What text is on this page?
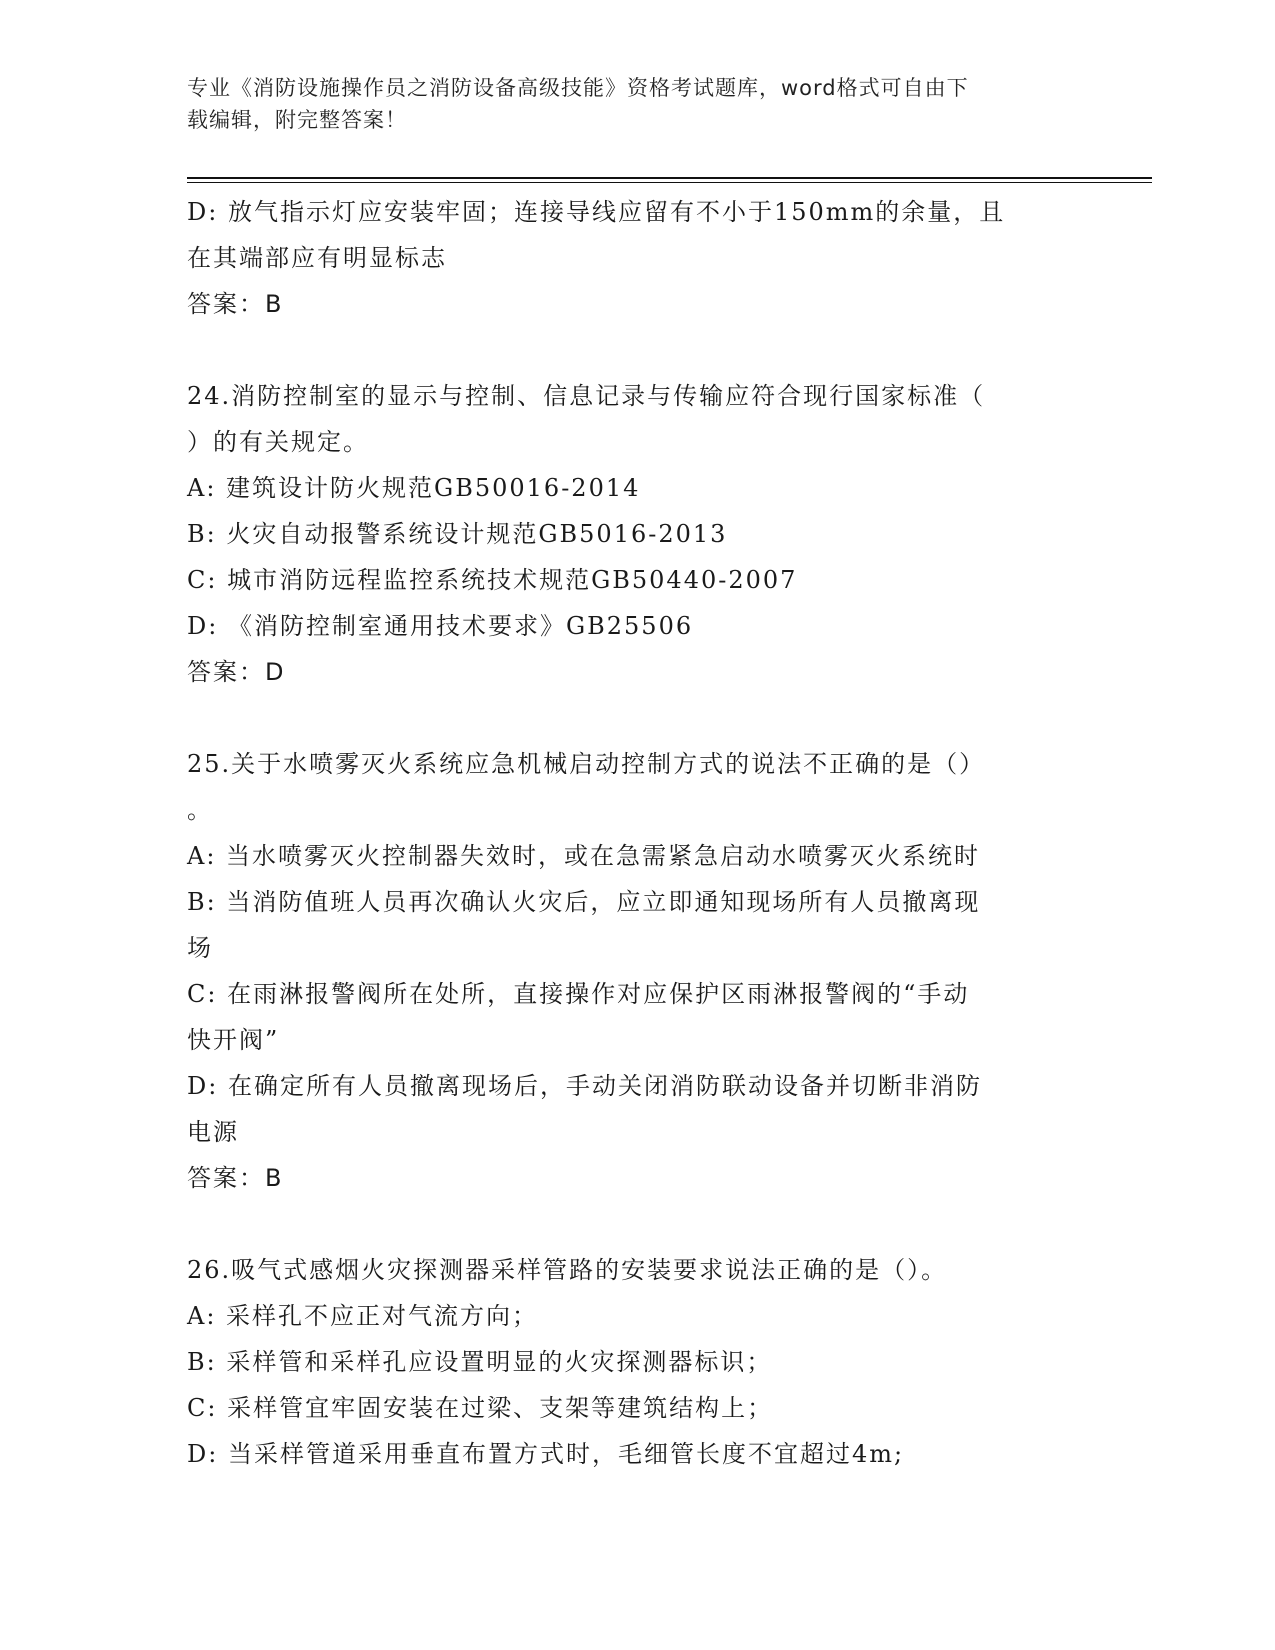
专业《消防设施操作员之消防设备高级技能》资格考试题库，word格式可自由下
载编辑，附完整答案！
D: 放气指示灯应安装牢固；连接导线应留有不小于150mm的余量，且
在其端部应有明显标志
答案：B
24.消防控制室的显示与控制、信息记录与传输应符合现行国家标准（
）的有关规定。
A: 建筑设计防火规范GB50016-2014
B: 火灾自动报警系统设计规范GB5016-2013
C: 城市消防远程监控系统技术规范GB50440-2007
D: 《消防控制室通用技术要求》GB25506
答案：D
25.关于水喷雾灭火系统应急机械启动控制方式的说法不正确的是（）
。
A: 当水喷雾灭火控制器失效时，或在急需紧急启动水喷雾灭火系统时
B: 当消防值班人员再次确认火灾后，应立即通知现场所有人员撤离现
场
C: 在雨淋报警阀所在处所，直接操作对应保护区雨淋报警阀的“手动
快开阀”
D: 在确定所有人员撤离现场后，手动关闭消防联动设备并切断非消防
电源
答案：B
26.吸气式感烟火灾探测器采样管路的安装要求说法正确的是（）。
A: 采样孔不应正对气流方向；
B: 采样管和采样孔应设置明显的火灾探测器标识；
C: 采样管宜牢固安装在过梁、支架等建筑结构上；
D: 当采样管道采用垂直布置方式时，毛细管长度不宜超过4m;
